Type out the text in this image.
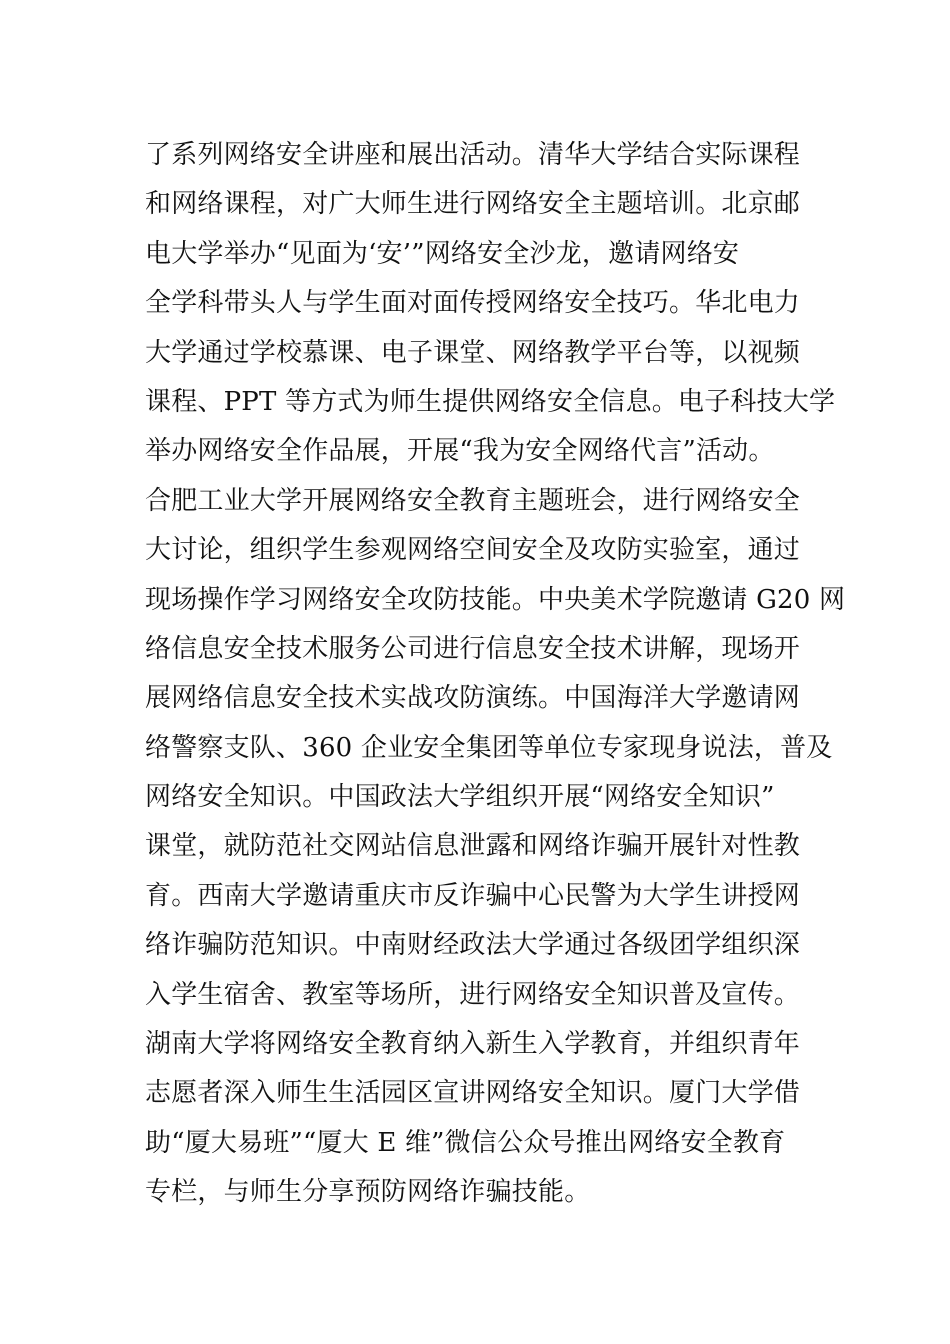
了系列网络安全讲座和展出活动。清华大学结合实际课程
和网络课程，对广大师生进行网络安全主题培训。北京邮
电大学举办“见面为‘安’”网络安全沙龙，邀请网络安
全学科带头人与学生面对面传授网络安全技巧。华北电力
大学通过学校慕课、电子课堂、网络教学平台等，以视频
课程、PPT 等方式为师生提供网络安全信息。电子科技大学
举办网络安全作品展，开展“我为安全网络代言”活动。
合肥工业大学开展网络安全教育主题班会，进行网络安全
大讨论，组织学生参观网络空间安全及攻防实验室，通过
现场操作学习网络安全攻防技能。中央美术学院邀请 G20 网
络信息安全技术服务公司进行信息安全技术讲解，现场开
展网络信息安全技术实战攻防演练。中国海洋大学邀请网
络警察支队、360 企业安全集团等单位专家现身说法，普及
网络安全知识。中国政法大学组织开展“网络安全知识”
课堂，就防范社交网站信息泄露和网络诈骗开展针对性教
育。西南大学邀请重庆市反诈骗中心民警为大学生讲授网
络诈骗防范知识。中南财经政法大学通过各级团学组织深
入学生宿舍、教室等场所，进行网络安全知识普及宣传。
湖南大学将网络安全教育纳入新生入学教育，并组织青年
志愿者深入师生生活园区宣讲网络安全知识。厦门大学借
助“厦大易班”“厦大 E 维”微信公众号推出网络安全教育
专栏，与师生分享预防网络诈骗技能。
